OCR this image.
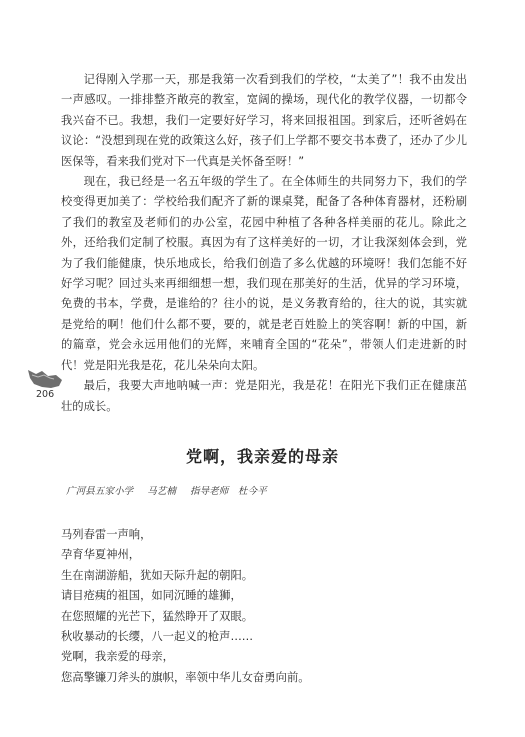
记得刚入学那一天，那是我第一次看到我们的学校，“太美了”！我不由发出一声感叹。一排排整齐敞亮的教室，宽阔的操场，现代化的教学仪器，一切都令我兴奋不已。我想，我们一定要好好学习，将来回报祖国。到家后，还听爸妈在议论：“没想到现在党的政策这么好，孩子们上学都不要交书本费了，还办了少儿医保等，看来我们党对下一代真是关怀备至呀！”

现在，我已经是一名五年级的学生了。在全体师生的共同努力下，我们的学校变得更加美了：学校给我们配齐了新的课桌凳，配备了各种体育器材，还粉刷了我们的教室及老师们的办公室，花园中种植了各种各样美丽的花儿。除此之外，还给我们定制了校服。真因为有了这样美好的一切，才让我深刻体会到，党为了我们能健康，快乐地成长，给我们创造了多么优越的环境呀！我们怎能不好好学习呢？回过头来再细细想一想，我们现在那美好的生活，优异的学习环境，免费的书本，学费，是谁给的？往小的说，是义务教育给的，往大的说，其实就是党给的啊！他们什么都不要，要的，就是老百姓脸上的笑容啊！新的中国，新的篇章，党会永远用他们的光辉，来哺育全国的“花朵”，带领人们走进新的时代！党是阳光我是花，花儿朵朵向太阳。

最后，我要大声地呐喊一声：党是阳光，我是花！在阳光下我们正在健康茁壮的成长。

206
党啊，我亲爱的母亲
广河县五家小学 马艺楠 指导老师　杜今平
马列春雷一声响，
孕育华夏神州，
生在南湖游船，犹如天际升起的朝阳。
请目疮痍的祖国，如同沉睡的雄狮，
在您照耀的光芒下，猛然睁开了双眼。
秋收暴动的长缨，八一起义的枪声……
党啊，我亲爱的母亲，
您高擎镰刀斧头的旗帜，率领中华儿女奋勇向前。
